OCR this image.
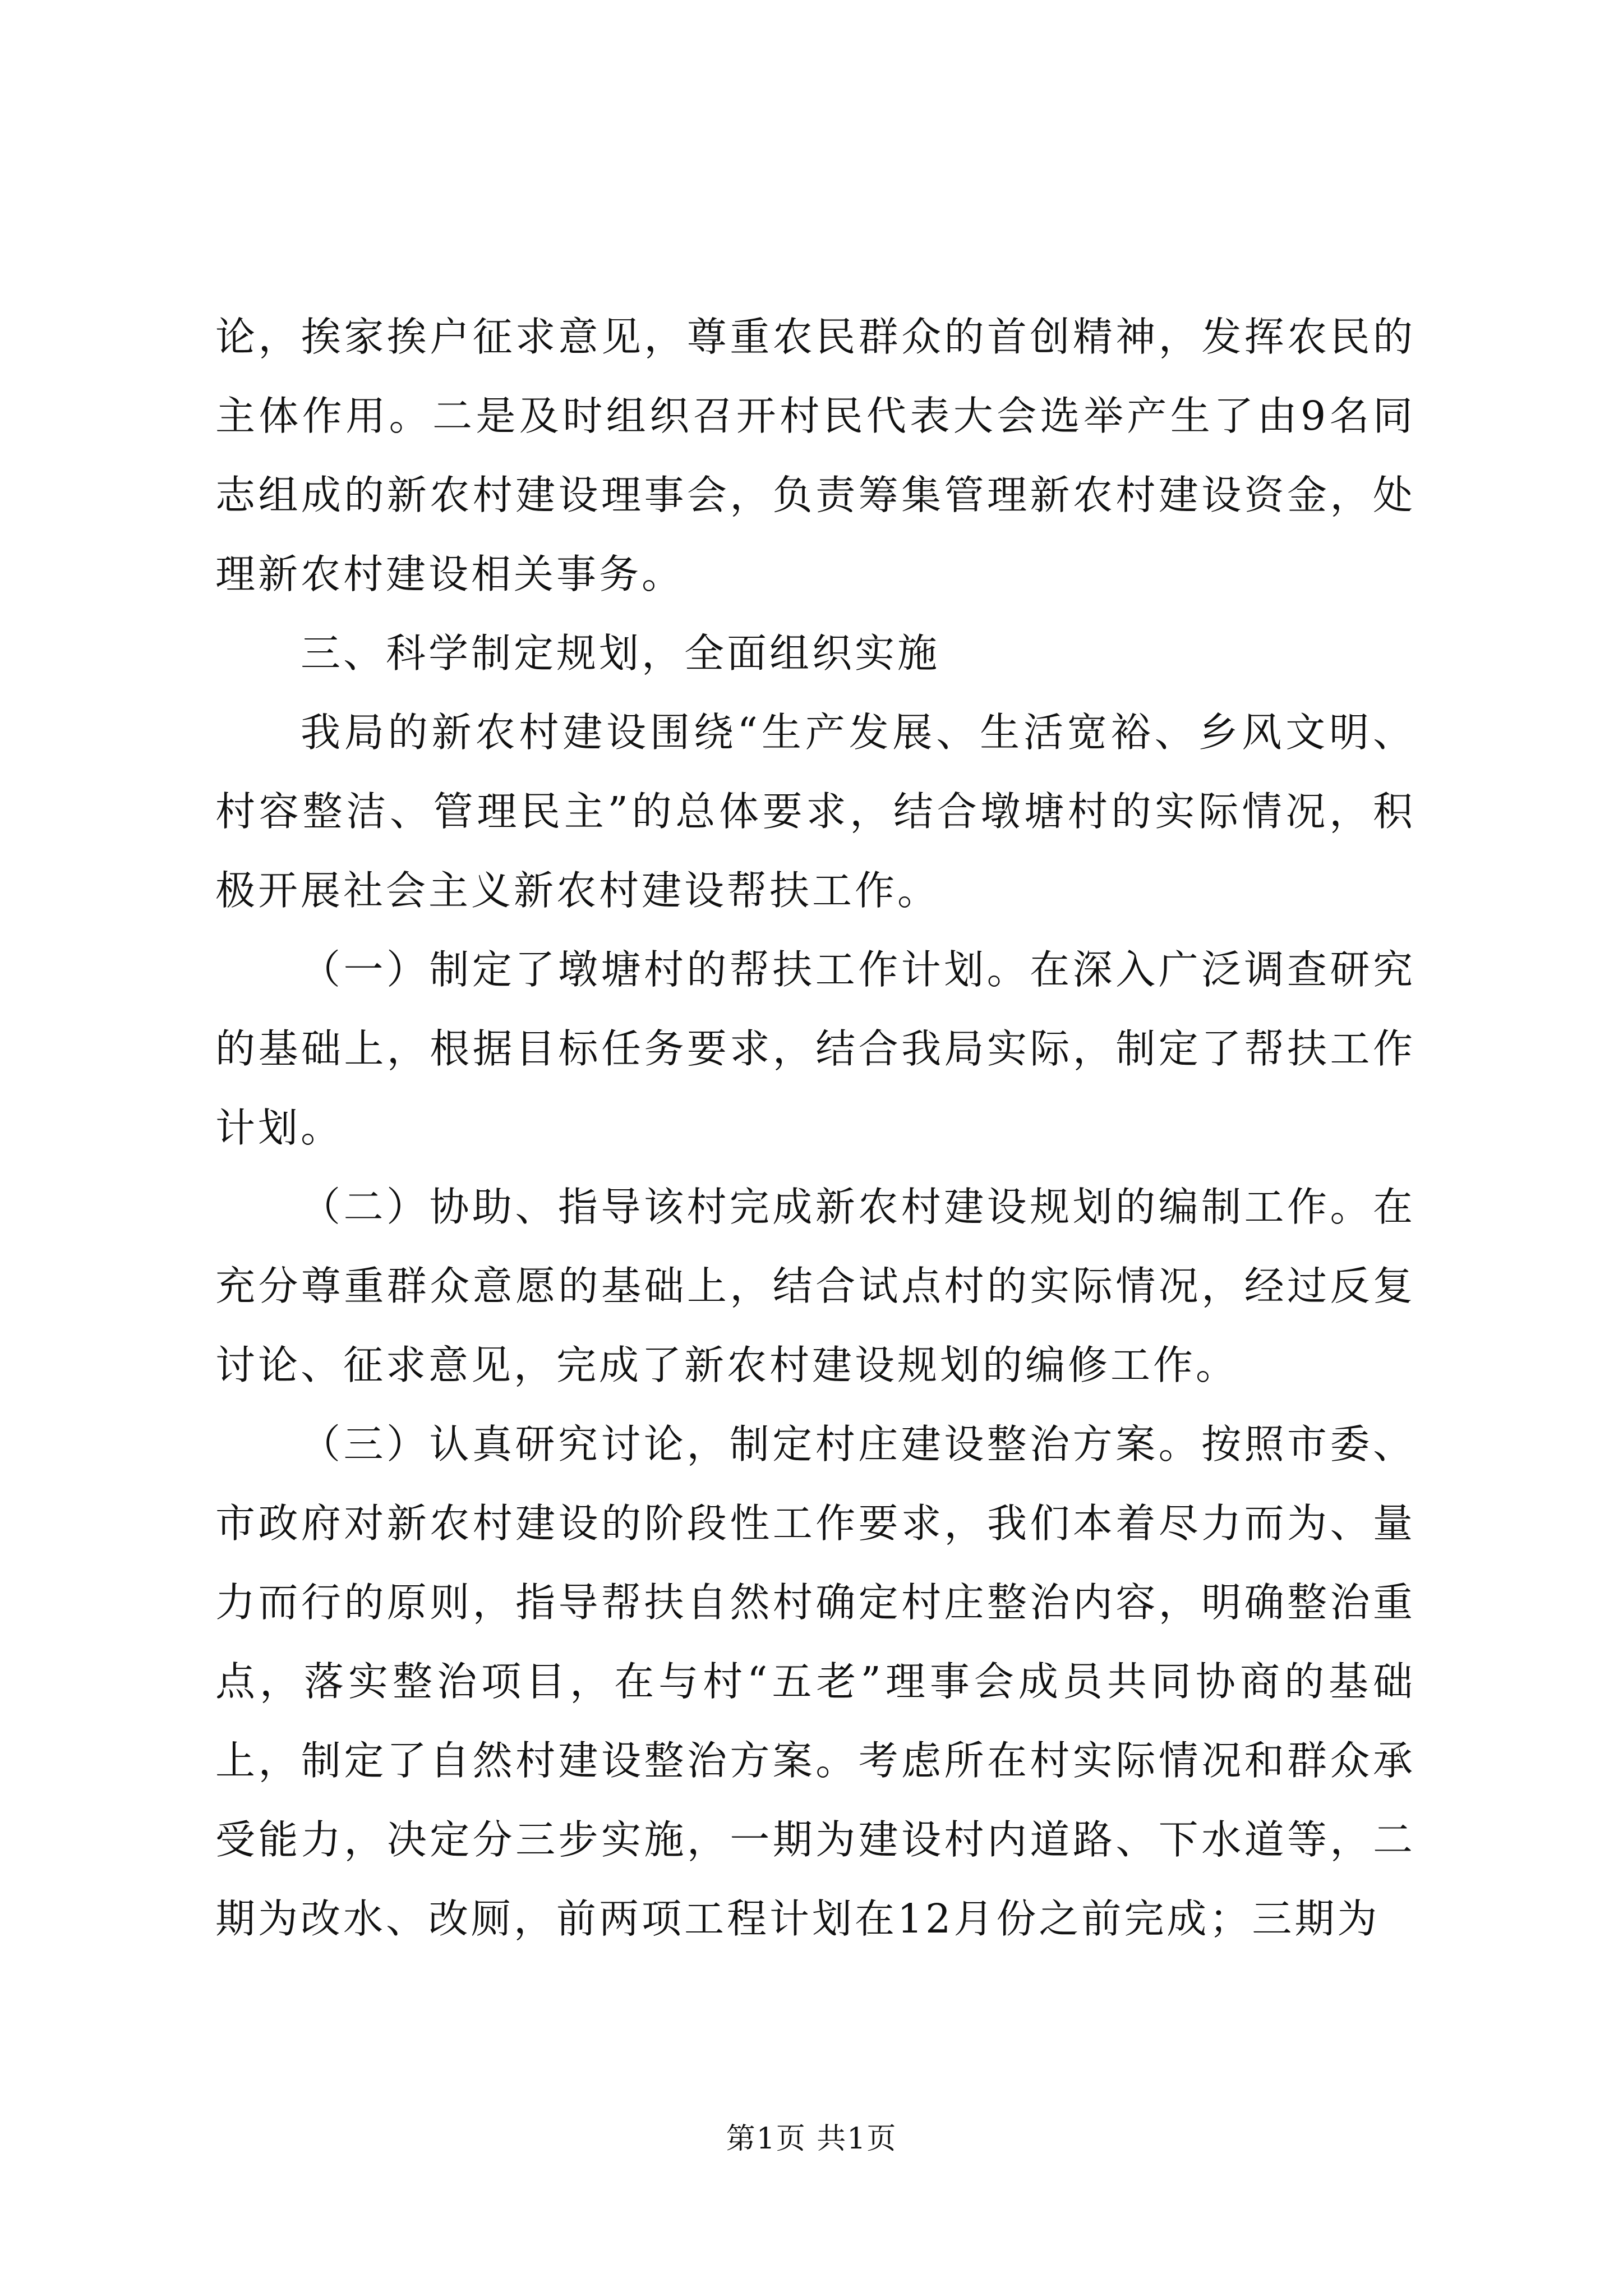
论，挨家挨户征求意见，尊重农民群众的首创精神，发挥农民的主体作用。二是及时组织召开村民代表大会选举产生了由9名同志组成的新农村建设理事会，负责筹集管理新农村建设资金，处理新农村建设相关事务。

三、科学制定规划，全面组织实施

我局的新农村建设围绕“生产发展、生活宽裕、乡风文明、村容整洁、管理民主”的总体要求，结合墩塘村的实际情况，积极开展社会主义新农村建设帮扶工作。

（一）制定了墩塘村的帮扶工作计划。在深入广泛调查研究的基础上，根据目标任务要求，结合我局实际，制定了帮扶工作计划。

（二）协助、指导该村完成新农村建设规划的编制工作。在充分尊重群众意愿的基础上，结合试点村的实际情况，经过反复讨论、征求意见，完成了新农村建设规划的编修工作。

（三）认真研究讨论，制定村庄建设整治方案。按照市委、市政府对新农村建设的阶段性工作要求，我们本着尽力而为、量力而行的原则，指导帮扶自然村确定村庄整治内容，明确整治重点，落实整治项目，在与村“五老”理事会成员共同协商的基础上，制定了自然村建设整治方案。考虑所在村实际情况和群众承受能力，决定分三步实施，一期为建设村内道路、下水道等，二期为改水、改厕，前两项工程计划在12月份之前完成；三期为

第1页 共1页
